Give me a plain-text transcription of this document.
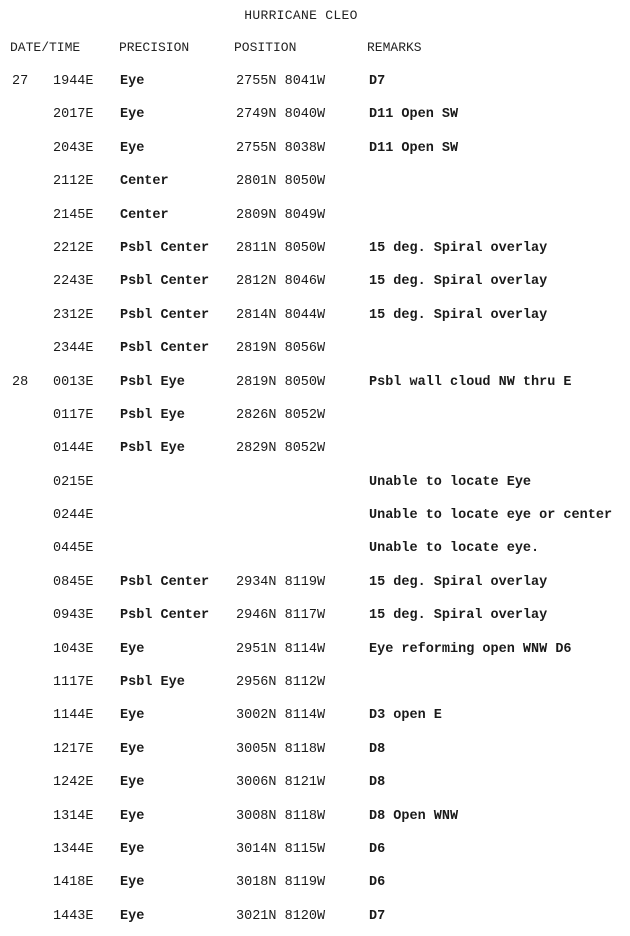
HURRICANE CLEO
DATE/TIME	PRECISION	POSITION	REMARKS
27 1944E Eye	2755N 8041W	D7
2017E Eye	2749N 8040W	D11 Open SW
2043E Eye	2755N 8038W	D11 Open SW
2112E Center	2801N 8050W
2145E Center	2809N 8049W
2212E Psbl Center 2811N 8050W	15 deg. Spiral overlay
2243E Psbl Center 2812N 8046W	15 deg. Spiral overlay
2312E Psbl Center 2814N 8044W	15 deg. Spiral overlay
2344E Psbl Center 2819N 8056W
28 0013E Psbl Eye	2819N 8050W	Psbl wall cloud NW thru E
0117E Psbl Eye	2826N 8052W
0144E Psbl Eye	2829N 8052W
0215E	Unable to locate Eye
0244E	Unable to locate eye or center
0445E	Unable to locate eye.
0845E Psbl Center 2934N 8119W	15 deg. Spiral overlay
0943E Psbl Center 2946N 8117W	15 deg. Spiral overlay
1043E Eye	2951N 8114W	Eye reforming open WNW D6
1117E Psbl Eye	2956N 8112W
1144E Eye	3002N 8114W	D3 open E
1217E Eye	3005N 8118W	D8
1242E Eye	3006N 8121W	D8
1314E Eye	3008N 8118W	D8 Open WNW
1344E Eye	3014N 8115W	D6
1418E Eye	3018N 8119W	D6
1443E Eye	3021N 8120W	D7
